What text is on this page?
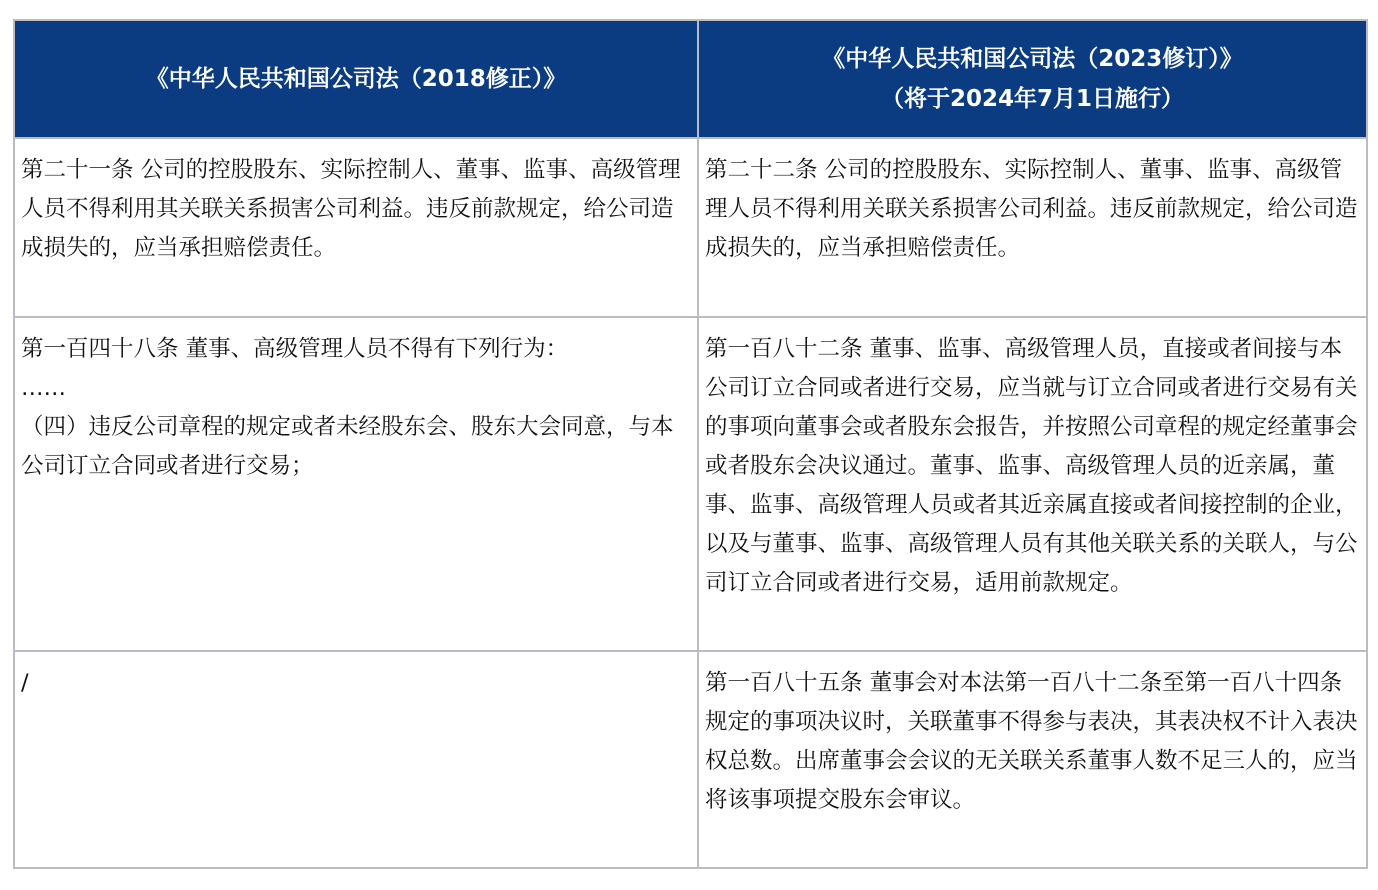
《中华人民共和国公司法（2018修正）》	《中华人民共和国公司法（2023修订）》
（将于2024年7月1日施行）

第二十一条 公司的控股股东、实际控制人、董事、监事、高级管理人员不得利用其关联关系损害公司利益。违反前款规定，给公司造成损失的，应当承担赔偿责任。	第二十二条 公司的控股股东、实际控制人、董事、监事、高级管理人员不得利用关联关系损害公司利益。违反前款规定，给公司造成损失的，应当承担赔偿责任。

第一百四十八条 董事、高级管理人员不得有下列行为：
……
（四）违反公司章程的规定或者未经股东会、股东大会同意，与本公司订立合同或者进行交易；	第一百八十二条 董事、监事、高级管理人员，直接或者间接与本公司订立合同或者进行交易，应当就与订立合同或者进行交易有关的事项向董事会或者股东会报告，并按照公司章程的规定经董事会或者股东会决议通过。董事、监事、高级管理人员的近亲属，董事、监事、高级管理人员或者其近亲属直接或者间接控制的企业，以及与董事、监事、高级管理人员有其他关联关系的关联人，与公司订立合同或者进行交易，适用前款规定。

/	第一百八十五条 董事会对本法第一百八十二条至第一百八十四条规定的事项决议时，关联董事不得参与表决，其表决权不计入表决权总数。出席董事会会议的无关联关系董事人数不足三人的，应当将该事项提交股东会审议。
